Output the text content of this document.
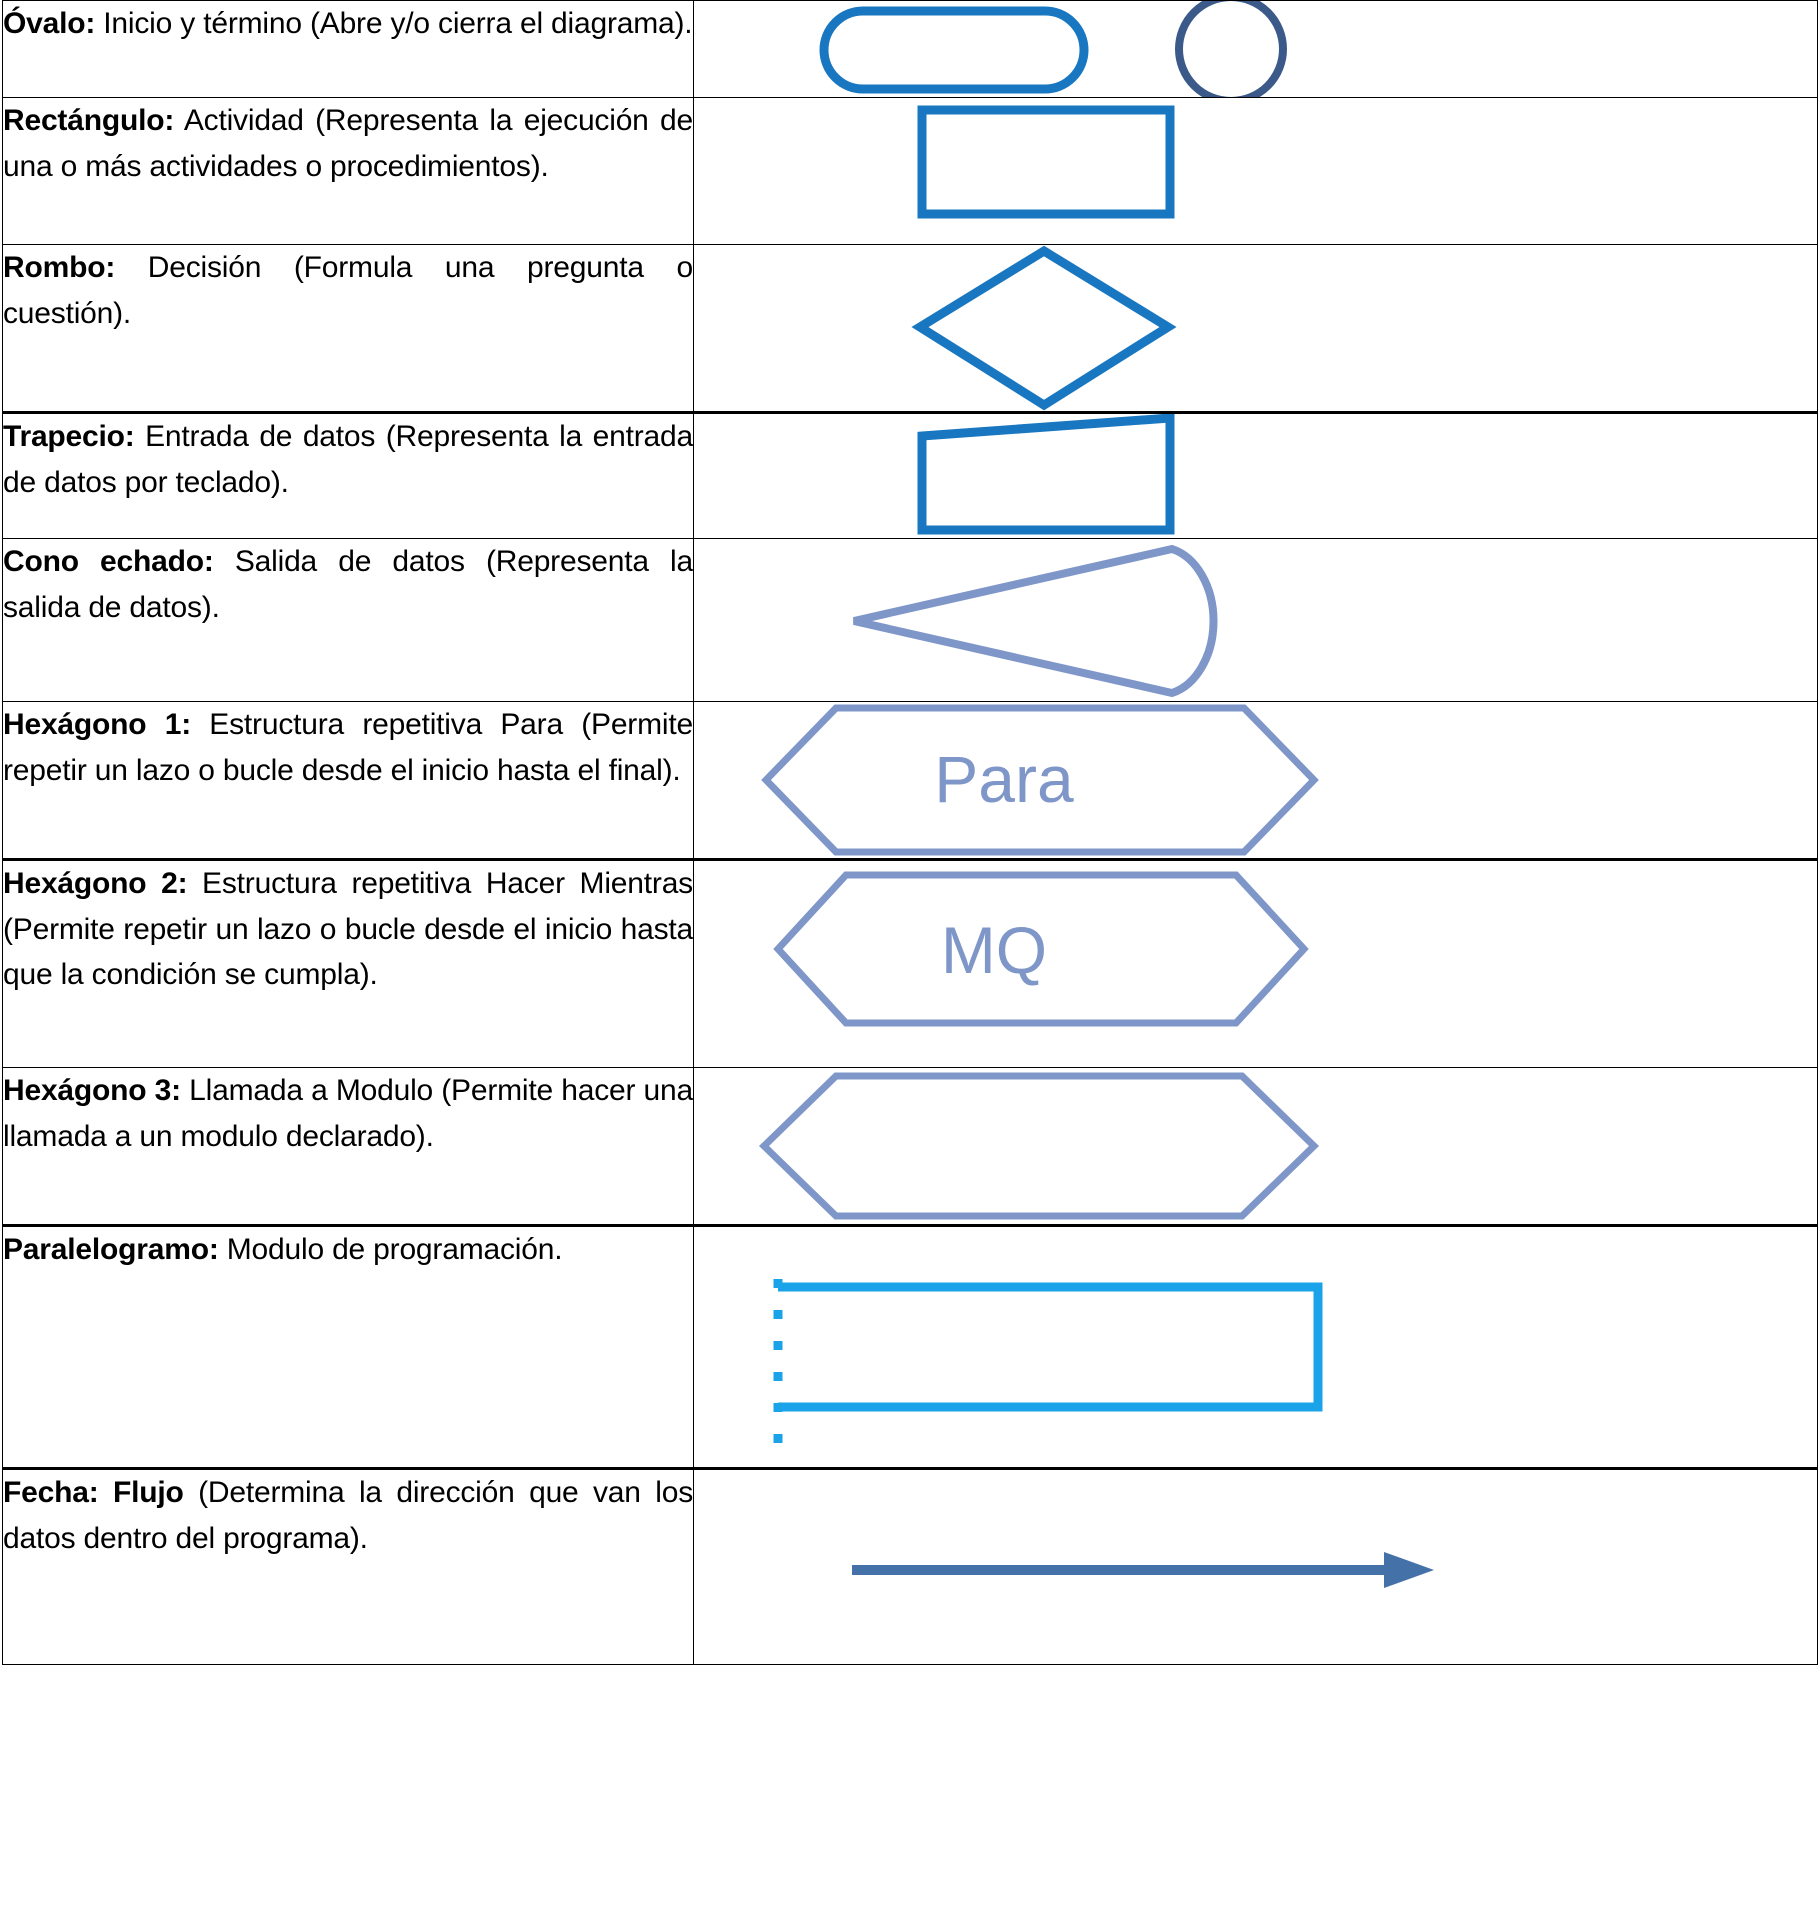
Óvalo: Inicio y término (Abre y/o cierra el diagrama).	

Rectángulo: Actividad (Representa la ejecución de una o más actividades o procedimientos).	

Rombo: Decisión (Formula una pregunta o cuestión).	

Trapecio: Entrada de datos (Representa la entrada de datos por teclado).	

Cono echado: Salida de datos (Representa la salida de datos).	

Hexágono 1: Estructura repetitiva Para (Permite repetir un lazo o bucle desde el inicio hasta el final).	Para

Hexágono 2: Estructura repetitiva Hacer Mientras (Permite repetir un lazo o bucle desde el inicio hasta que la condición se cumpla).	MQ

Hexágono 3: Llamada a Modulo (Permite hacer una llamada a un modulo declarado).	

Paralelogramo: Modulo de programación.	

Fecha: Flujo (Determina la dirección que van los datos dentro del programa).	
